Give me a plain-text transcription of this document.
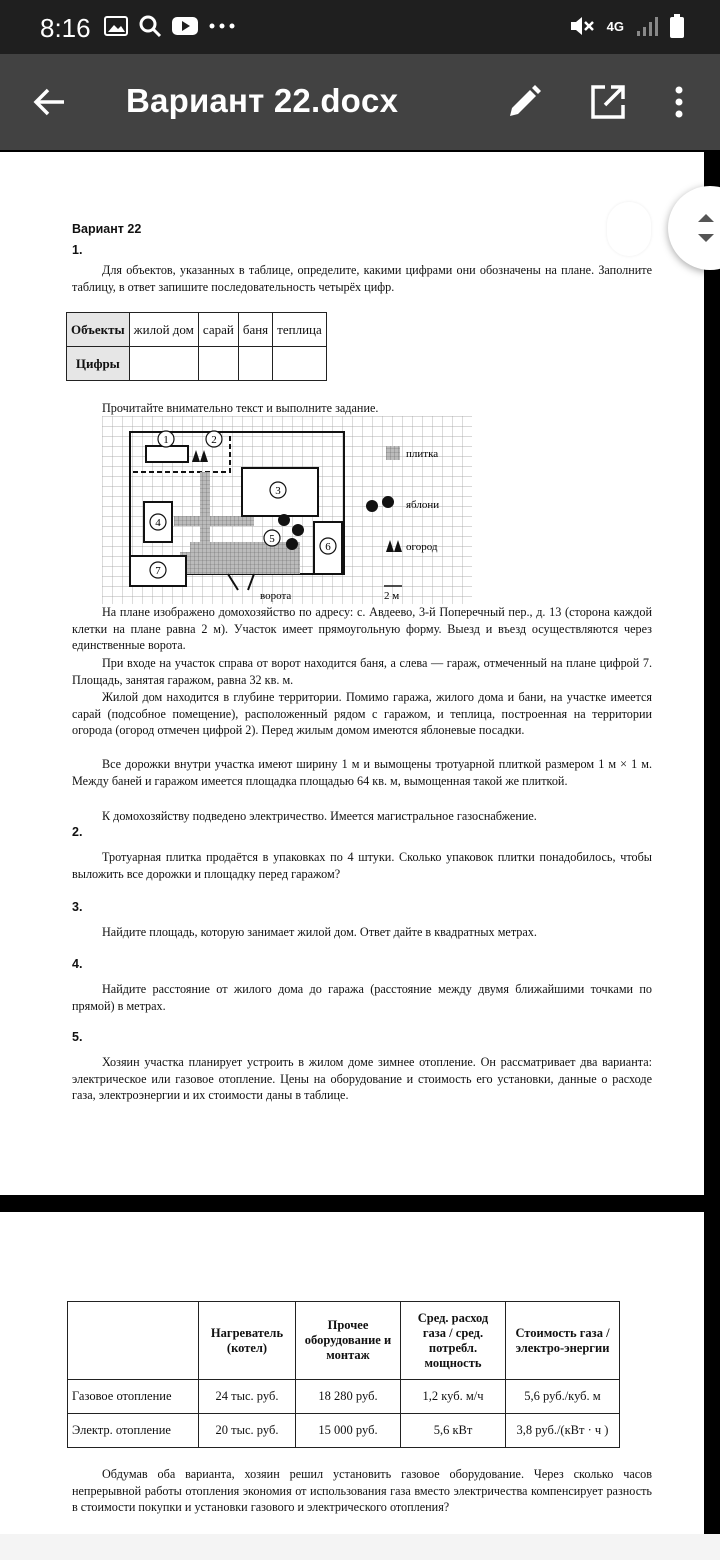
8:16	4G
Вариант 22.docx
Вариант 22
1.
Для объектов, указанных в таблице, определите, какими цифрами они обозначены на плане. Заполните таблицу, в ответ запишите последовательность четырёх цифр.
Объекты	жилой дом	сарай	баня	теплица
Цифры				
Прочитайте внимательно текст и выполните задание.
1	2
3
4
5
6
7
ворота	2 м
плитка
яблони
огород
На плане изображено домохозяйство по адресу: с. Авдеево, 3-й Поперечный пер., д. 13 (сторона каждой клетки на плане равна 2 м). Участок имеет прямоугольную форму. Выезд и въезд осуществляются через единственные ворота.
При входе на участок справа от ворот находится баня, а слева — гараж, отмеченный на плане цифрой 7. Площадь, занятая гаражом, равна 32 кв. м.
Жилой дом находится в глубине территории. Помимо гаража, жилого дома и бани, на участке имеется сарай (подсобное помещение), расположенный рядом с гаражом, и теплица, построенная на территории огорода (огород отмечен цифрой 2). Перед жилым домом имеются яблоневые посадки.
Все дорожки внутри участка имеют ширину 1 м и вымощены тротуарной плиткой размером 1 м × 1 м. Между баней и гаражом имеется площадка площадью 64 кв. м, вымощенная такой же плиткой.
К домохозяйству подведено электричество. Имеется магистральное газоснабжение.
2.
Тротуарная плитка продаётся в упаковках по 4 штуки. Сколько упаковок плитки понадобилось, чтобы выложить все дорожки и площадку перед гаражом?
3.
Найдите площадь, которую занимает жилой дом. Ответ дайте в квадратных метрах.
4.
Найдите расстояние от жилого дома до гаража (расстояние между двумя ближайшими точками по прямой) в метрах.
5.
Хозяин участка планирует устроить в жилом доме зимнее отопление. Он рассматривает два варианта: электрическое или газовое отопление. Цены на оборудование и стоимость его установки, данные о расходе газа, электроэнергии и их стоимости даны в таблице.
	Нагреватель (котел)	Прочее оборудование и монтаж	Сред. расход газа / сред. потребл. мощность	Стоимость газа / электро-энергии
Газовое отопление	24 тыс. руб.	18 280 руб.	1,2 куб. м/ч	5,6 руб./куб. м
Электр. отопление	20 тыс. руб.	15 000 руб.	5,6 кВт	3,8 руб./(кВт · ч )
Обдумав оба варианта, хозяин решил установить газовое оборудование. Через сколько часов непрерывной работы отопления экономия от использования газа вместо электричества компенсирует разность в стоимости покупки и установки газового и электрического отопления?
